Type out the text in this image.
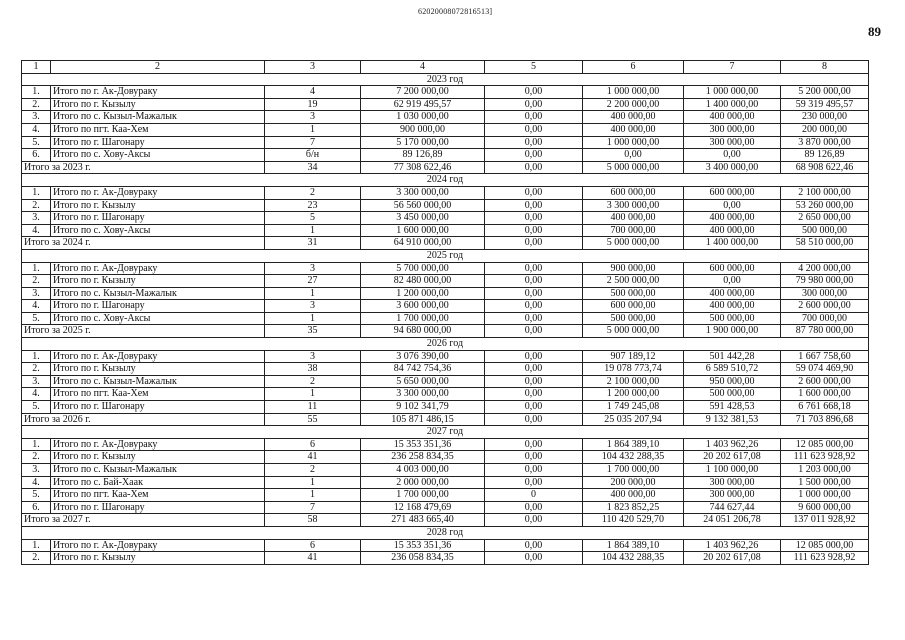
62020008072816513]
89
1	2	3	4	5	6	7	8
2023 год							
1.	Итого по г. Ак-Довураку	4	7 200 000,00	0,00	1 000 000,00	1 000 000,00	5 200 000,00
2.	Итого по г. Кызылу	19	62 919 495,57	0,00	2 200 000,00	1 400 000,00	59 319 495,57
3.	Итого по с. Кызыл-Мажалык	3	1 030 000,00	0,00	400 000,00	400 000,00	230 000,00
4.	Итого по пгт. Каа-Хем	1	900 000,00	0,00	400 000,00	300 000,00	200 000,00
5.	Итого по г. Шагонару	7	5 170 000,00	0,00	1 000 000,00	300 000,00	3 870 000,00
6.	Итого по с. Хову-Аксы	б/н	89 126,89	0,00	0,00	0,00	89 126,89
Итого за 2023 г.		34	77 308 622,46	0,00	5 000 000,00	3 400 000,00	68 908 622,46
2024 год							
1.	Итого по г. Ак-Довураку	2	3 300 000,00	0,00	600 000,00	600 000,00	2 100 000,00
2.	Итого по г. Кызылу	23	56 560 000,00	0,00	3 300 000,00	0,00	53 260 000,00
3.	Итого по г. Шагонару	5	3 450 000,00	0,00	400 000,00	400 000,00	2 650 000,00
4.	Итого по с. Хову-Аксы	1	1 600 000,00	0,00	700 000,00	400 000,00	500 000,00
Итого за 2024 г.		31	64 910 000,00	0,00	5 000 000,00	1 400 000,00	58 510 000,00
2025 год							
1.	Итого по г. Ак-Довураку	3	5 700 000,00	0,00	900 000,00	600 000,00	4 200 000,00
2.	Итого по г. Кызылу	27	82 480 000,00	0,00	2 500 000,00	0,00	79 980 000,00
3.	Итого по с. Кызыл-Мажалык	1	1 200 000,00	0,00	500 000,00	400 000,00	300 000,00
4.	Итого по г. Шагонару	3	3 600 000,00	0,00	600 000,00	400 000,00	2 600 000,00
5.	Итого по с. Хову-Аксы	1	1 700 000,00	0,00	500 000,00	500 000,00	700 000,00
Итого за 2025 г.		35	94 680 000,00	0,00	5 000 000,00	1 900 000,00	87 780 000,00
2026 год							
1.	Итого по г. Ак-Довураку	3	3 076 390,00	0,00	907 189,12	501 442,28	1 667 758,60
2.	Итого по г. Кызылу	38	84 742 754,36	0,00	19 078 773,74	6 589 510,72	59 074 469,90
3.	Итого по с. Кызыл-Мажалык	2	5 650 000,00	0,00	2 100 000,00	950 000,00	2 600 000,00
4.	Итого по пгт. Каа-Хем	1	3 300 000,00	0,00	1 200 000,00	500 000,00	1 600 000,00
5.	Итого по г. Шагонару	11	9 102 341,79	0,00	1 749 245,08	591 428,53	6 761 668,18
Итого за 2026 г.		55	105 871 486,15	0,00	25 035 207,94	9 132 381,53	71 703 896,68
2027 год							
1.	Итого по г. Ак-Довураку	6	15 353 351,36	0,00	1 864 389,10	1 403 962,26	12 085 000,00
2.	Итого по г. Кызылу	41	236 258 834,35	0,00	104 432 288,35	20 202 617,08	111 623 928,92
3.	Итого по с. Кызыл-Мажалык	2	4 003 000,00	0,00	1 700 000,00	1 100 000,00	1 203 000,00
4.	Итого по с. Бай-Хаак	1	2 000 000,00	0,00	200 000,00	300 000,00	1 500 000,00
5.	Итого по пгт. Каа-Хем	1	1 700 000,00	0	400 000,00	300 000,00	1 000 000,00
6.	Итого по г. Шагонару	7	12 168 479,69	0,00	1 823 852,25	744 627,44	9 600 000,00
Итого за 2027 г.		58	271 483 665,40	0,00	110 420 529,70	24 051 206,78	137 011 928,92
2028 год							
1.	Итого по г. Ак-Довураку	6	15 353 351,36	0,00	1 864 389,10	1 403 962,26	12 085 000,00
2.	Итого по г. Кызылу	41	236 058 834,35	0,00	104 432 288,35	20 202 617,08	111 623 928,92
